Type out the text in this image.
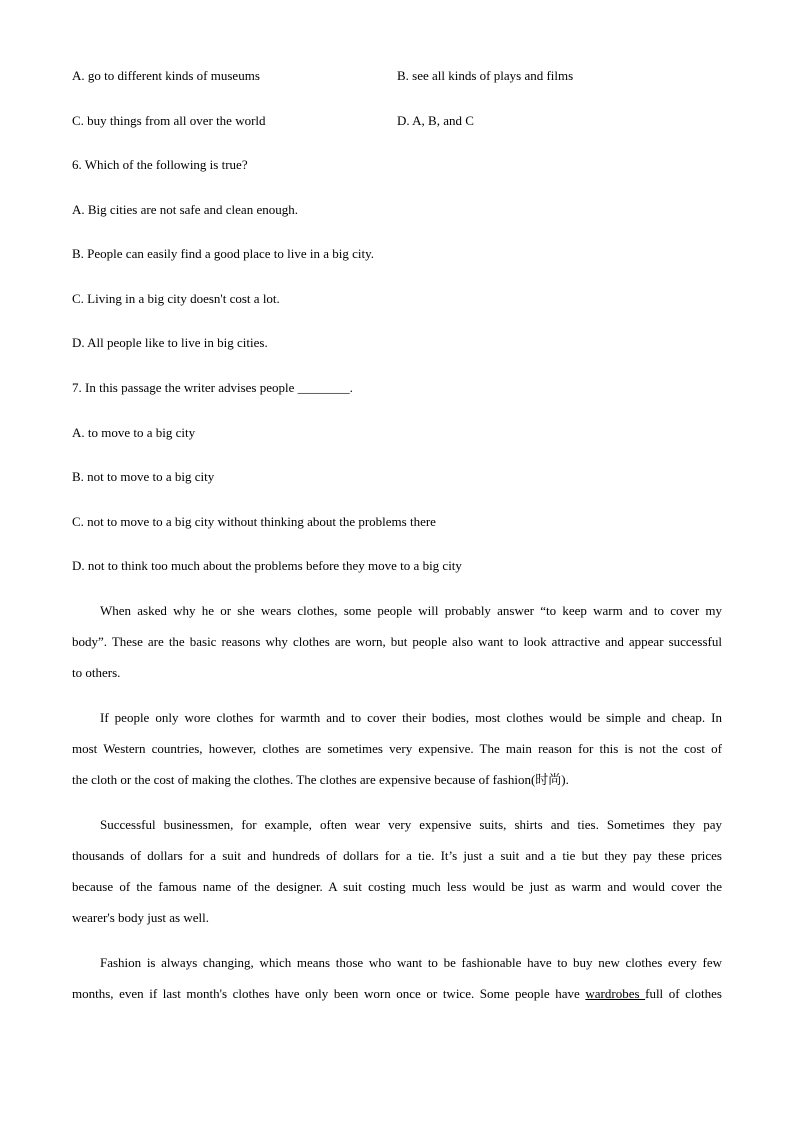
A. go to different kinds of museums	B. see all kinds of plays and films
C. buy things from all over the world	D. A, B, and C
6. Which of the following is true?
A. Big cities are not safe and clean enough.
B. People can easily find a good place to live in a big city.
C. Living in a big city doesn't cost a lot.
D. All people like to live in big cities.
7. In this passage the writer advises people ________.
A. to move to a big city
B. not to move to a big city
C. not to move to a big city without thinking about the problems there
D. not to think too much about the problems before they move to a big city
When asked why he or she wears clothes, some people will probably answer “to keep warm and to cover my
body”. These are the basic reasons why clothes are worn, but people also want to look attractive and appear successful
to others.
If people only wore clothes for warmth and to cover their bodies, most clothes would be simple and cheap. In
most Western countries, however, clothes are sometimes very expensive. The main reason for this is not the cost of
the cloth or the cost of making the clothes. The clothes are expensive because of fashion(时尚).
Successful businessmen, for example, often wear very expensive suits, shirts and ties. Sometimes they pay
thousands of dollars for a suit and hundreds of dollars for a tie. It’s just a suit and a tie but they pay these prices
because of the famous name of the designer. A suit costing much less would be just as warm and would cover the
wearer's body just as well.
Fashion is always changing, which means those who want to be fashionable have to buy new clothes every few
months, even if last month's clothes have only been worn once or twice. Some people have wardrobes full of clothes
